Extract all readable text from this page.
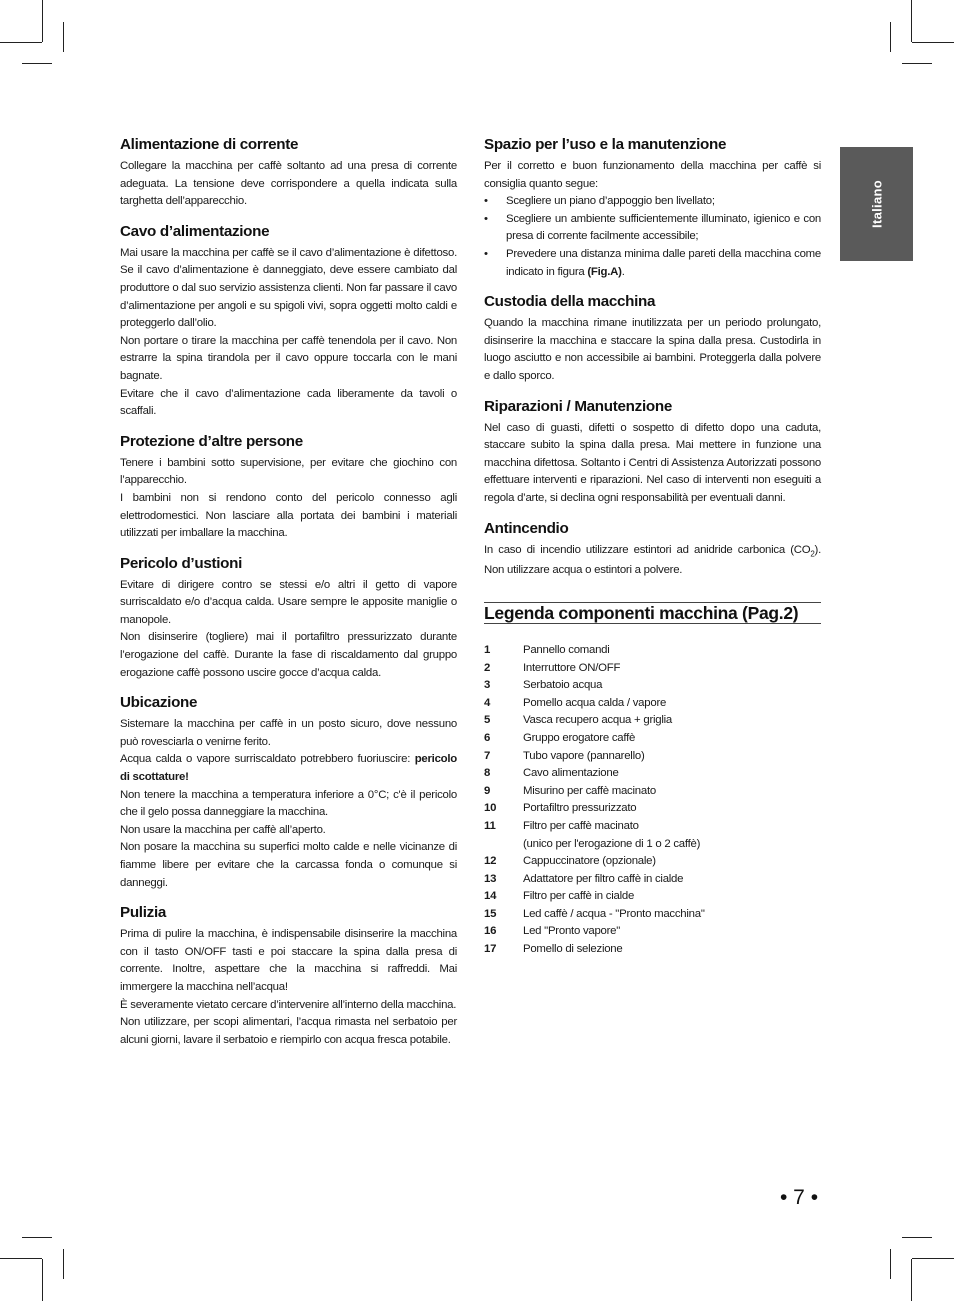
Italiano
Alimentazione di corrente

Collegare la macchina per caffè soltanto ad una presa di corrente adeguata. La tensione deve corrispondere a quella indicata sulla targhetta dell’apparecchio.

Cavo d’alimentazione

Mai usare la macchina per caffè se il cavo d’alimentazione è difettoso. Se il cavo d’alimentazione è danneggiato, deve essere cambiato dal produttore o dal suo servizio assistenza clienti. Non far passare il cavo d’alimentazione per angoli e su spigoli vivi, sopra oggetti molto caldi e proteggerlo dall’olio.

Non portare o tirare la macchina per caffè tenendola per il cavo. Non estrarre la spina tirandola per il cavo oppure toccarla con le mani bagnate.

Evitare che il cavo d’alimentazione cada liberamente da tavoli o scaffali.

Protezione d’altre persone

Tenere i bambini sotto supervisione, per evitare che giochino con l’apparecchio.

I bambini non si rendono conto del pericolo connesso agli elettrodomestici. Non lasciare alla portata dei bambini i materiali utilizzati per imballare la macchina.

Pericolo d’ustioni

Evitare di dirigere contro se stessi e/o altri il getto di vapore surriscaldato e/o d’acqua calda. Usare sempre le apposite maniglie o manopole.

Non disinserire (togliere) mai il portafiltro pressurizzato durante l’erogazione del caffè. Durante la fase di riscaldamento dal gruppo erogazione caffè possono uscire gocce d’acqua calda.

Ubicazione

Sistemare la macchina per caffè in un posto sicuro, dove nessuno può rovesciarla o venirne ferito.

Acqua calda o vapore surriscaldato potrebbero fuoriuscire: pericolo di scottature!

Non tenere la macchina a temperatura inferiore a 0°C; c'è il pericolo che il gelo possa danneggiare la macchina.

Non usare la macchina per caffè all’aperto.

Non posare la macchina su superfici molto calde e nelle vicinanze di fiamme libere per evitare che la carcassa fonda o comunque si danneggi.

Pulizia

Prima di pulire la macchina, è indispensabile disinserire la macchina con il tasto ON/OFF tasti e poi staccare la spina dalla presa di corrente. Inoltre, aspettare che la macchina si raffreddi. Mai immergere la macchina nell’acqua!

È severamente vietato cercare d’intervenire all’interno della macchina.

Non utilizzare, per scopi alimentari, l’acqua rimasta nel serbatoio per alcuni giorni, lavare il serbatoio e riempirlo con acqua fresca potabile.

Spazio per l’uso e la manutenzione

Per il corretto e buon funzionamento della macchina per caffè si consiglia quanto segue:

• Scegliere un piano d’appoggio ben livellato;
• Scegliere un ambiente sufficientemente illuminato, igienico e con presa di corrente facilmente accessibile;
• Prevedere una distanza minima dalle pareti della macchina come indicato in figura (Fig.A).
Custodia della macchina

Quando la macchina rimane inutilizzata per un periodo prolungato, disinserire la macchina e staccare la spina dalla presa. Custodirla in luogo asciutto e non accessibile ai bambini. Proteggerla dalla polvere e dallo sporco.

Riparazioni / Manutenzione

Nel caso di guasti, difetti o sospetto di difetto dopo una caduta, staccare subito la spina dalla presa. Mai mettere in funzione una macchina difettosa. Soltanto i Centri di Assistenza Autorizzati possono effettuare interventi e riparazioni. Nel caso di interventi non eseguiti a regola d’arte, si declina ogni responsabilità per eventuali danni.

Antincendio

In caso di incendio utilizzare estintori ad anidride carbonica $(CO_2)$. Non utilizzare acqua o estintori a polvere.

Legenda componenti macchina (Pag.2)
1	Pannello comandi
2	Interruttore ON/OFF
3	Serbatoio acqua
4	Pomello acqua calda / vapore
5	Vasca recupero acqua + griglia
6	Gruppo erogatore caffè
7	Tubo vapore (pannarello)
8	Cavo alimentazione
9	Misurino per caffè macinato
10	Portafiltro pressurizzato
11	Filtro per caffè macinato
(unico per l'erogazione di 1 o 2 caffè)
12	Cappuccinatore (opzionale)
13	Adattatore per filtro caffè in cialde
14	Filtro per caffè in cialde
15	Led caffè / acqua - "Pronto macchina"
16	Led "Pronto vapore"
17	Pomello di selezione
• 7 •
